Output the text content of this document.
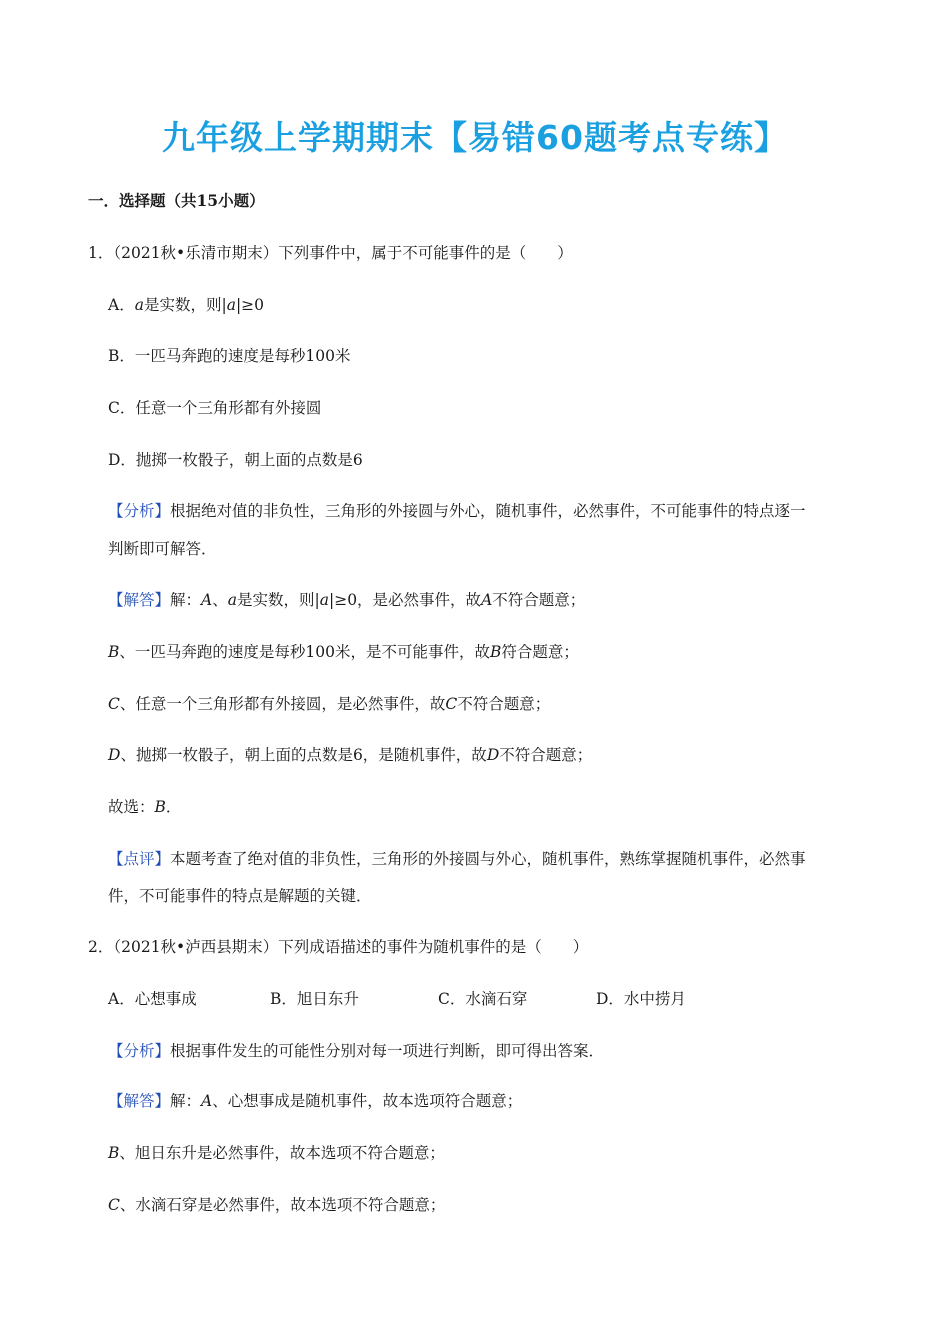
九年级上学期期末【易错60题考点专练】
一．选择题（共15小题）
1．（2021秋•乐清市期末）下列事件中，属于不可能事件的是（　　）
A．a是实数，则|a|≥0
B．一匹马奔跑的速度是每秒100米
C．任意一个三角形都有外接圆
D．抛掷一枚骰子，朝上面的点数是6
【分析】根据绝对值的非负性，三角形的外接圆与外心，随机事件，必然事件，不可能事件的特点逐一
判断即可解答．
【解答】解：A、a是实数，则|a|≥0，是必然事件，故A不符合题意；
B、一匹马奔跑的速度是每秒100米，是不可能事件，故B符合题意；
C、任意一个三角形都有外接圆，是必然事件，故C不符合题意；
D、抛掷一枚骰子，朝上面的点数是6，是随机事件，故D不符合题意；
故选：B．
【点评】本题考查了绝对值的非负性，三角形的外接圆与外心，随机事件，熟练掌握随机事件，必然事
件，不可能事件的特点是解题的关键．
2．（2021秋•泸西县期末）下列成语描述的事件为随机事件的是（　　）
A．心想事成	B．旭日东升	C．水滴石穿	D．水中捞月
【分析】根据事件发生的可能性分别对每一项进行判断，即可得出答案．
【解答】解：A、心想事成是随机事件，故本选项符合题意；
B、旭日东升是必然事件，故本选项不符合题意；
C、水滴石穿是必然事件，故本选项不符合题意；
